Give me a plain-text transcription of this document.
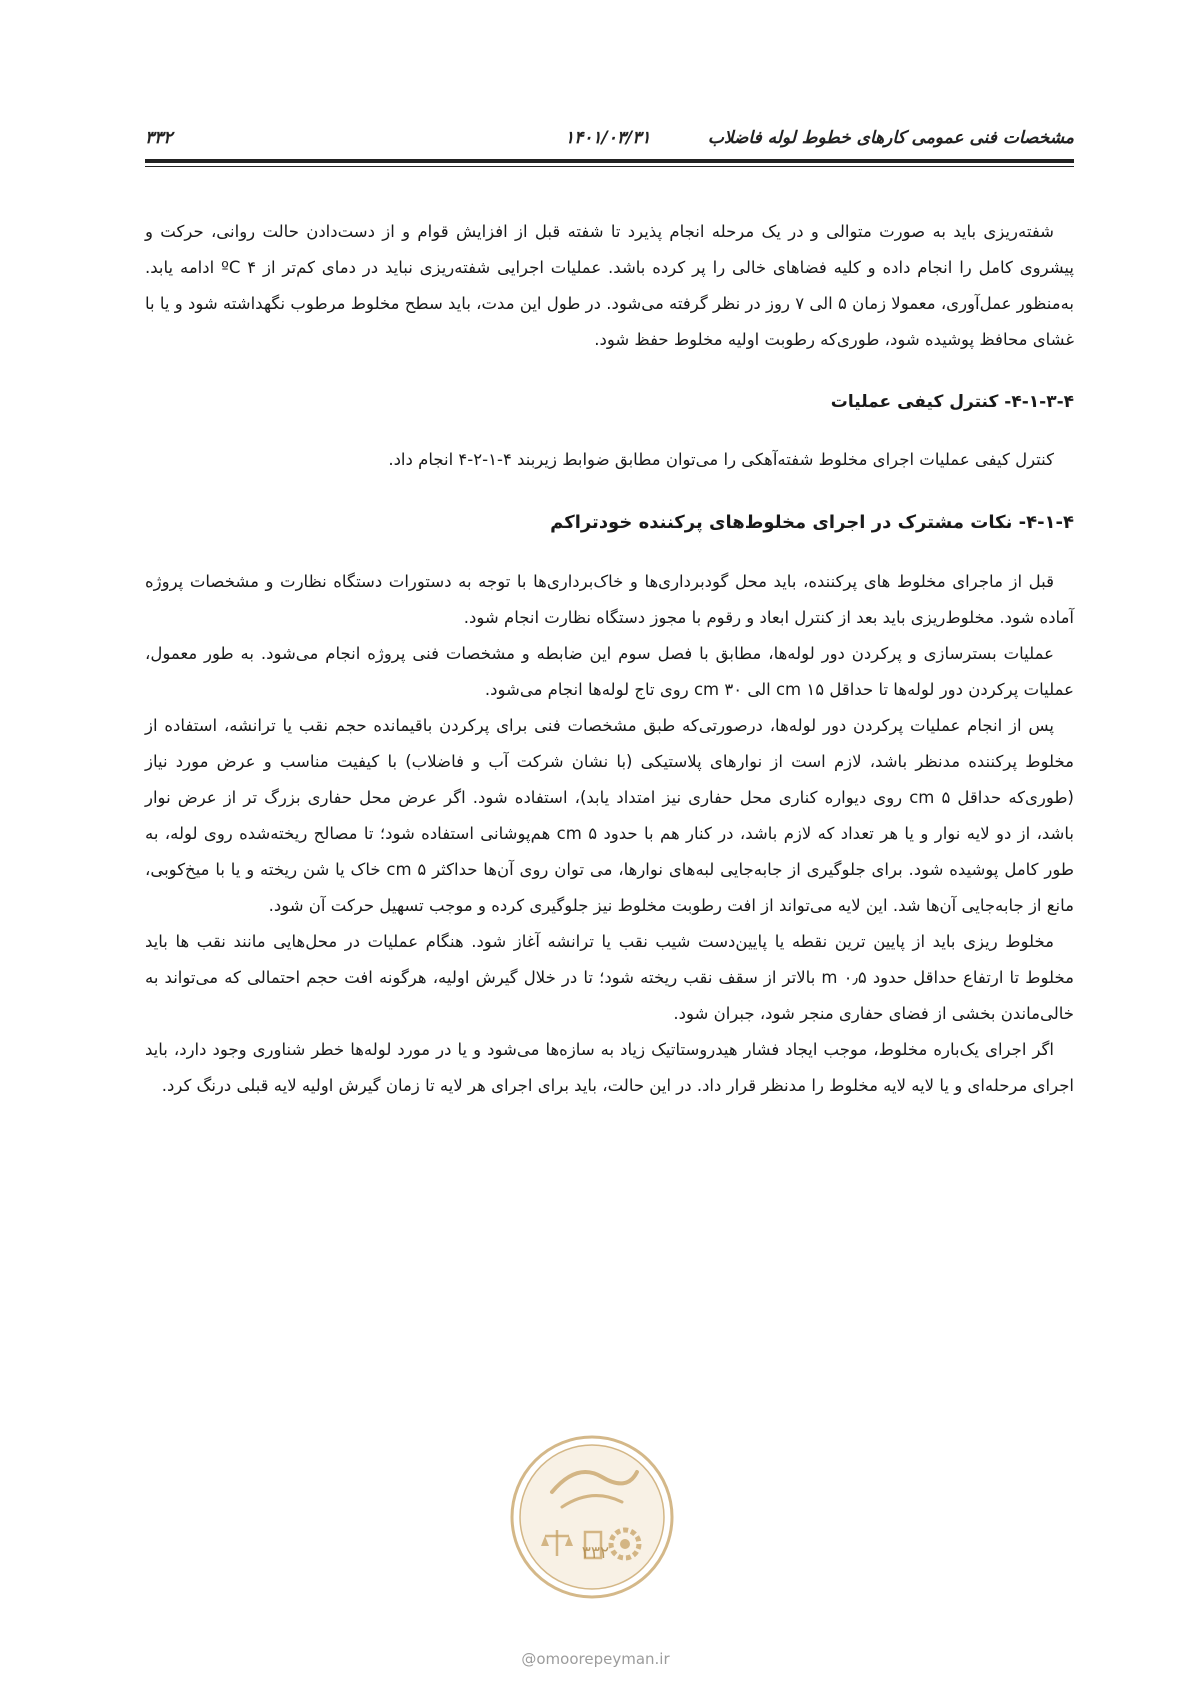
مشخصات فنی عمومی کارهای خطوط لوله فاضلاب
۱۴۰۱/۰۳/۳۱
۳۳۲

شفته‌ریزی باید به صورت متوالی و در یک مرحله انجام پذیرد تا شفته قبل از افزایش قوام و از دست‌دادن حالت روانی، حرکت و پیشروی کامل را انجام داده و کلیه فضاهای خالی را پر کرده باشد. عملیات اجرایی شفته‌ریزی نباید در دمای کم‌تر از ۴ ºC ادامه یابد. به‌منظور عمل‌آوری، معمولا زمان ۵ الی ۷ روز در نظر گرفته می‌شود. در طول این مدت، باید سطح مخلوط مرطوب نگهداشته شود و یا با غشای محافظ پوشیده شود، طوری‌که رطوبت اولیه مخلوط حفظ شود.

۴-۱-۳-۴- کنترل کیفی عملیات

کنترل کیفی عملیات اجرای مخلوط شفته‌آهکی را می‌توان مطابق ضوابط زیربند ۴-۱-۲-۴ انجام داد.

۴-۱-۴- نکات مشترک در اجرای مخلوط‌های پرکننده خودتراکم

قبل از ماجرای مخلوط های پرکننده، باید محل گودبرداری‌ها و خاک‌برداری‌ها با توجه به دستورات دستگاه نظارت و مشخصات پروژه آماده شود. مخلوط‌ریزی باید بعد از کنترل ابعاد و رقوم با مجوز دستگاه نظارت انجام شود.

عملیات بسترسازی و پرکردن دور لوله‌ها، مطابق با فصل سوم این ضابطه و مشخصات فنی پروژه انجام می‌شود. به طور معمول، عملیات پرکردن دور لوله‌ها تا حداقل ۱۵ cm الی ۳۰ cm روی تاج لوله‌ها انجام می‌شود.

پس از انجام عملیات پرکردن دور لوله‌ها، درصورتی‌که طبق مشخصات فنی برای پرکردن باقیمانده حجم نقب یا ترانشه، استفاده از مخلوط پرکننده مدنظر باشد، لازم است از نوارهای پلاستیکی (با نشان شرکت آب و فاضلاب) با کیفیت مناسب و عرض مورد نیاز (طوری‌که حداقل ۵ cm روی دیواره کناری محل حفاری نیز امتداد یابد)، استفاده شود. اگر عرض محل حفاری بزرگ تر از عرض نوار باشد، از دو لایه نوار و یا هر تعداد که لازم باشد، در کنار هم با حدود ۵ cm هم‌پوشانی استفاده شود؛ تا مصالح ریخته‌شده روی لوله، به طور کامل پوشیده شود. برای جلوگیری از جابه‌جایی لبه‌های نوارها، می توان روی آن‌ها حداکثر ۵ cm خاک یا شن ریخته و یا با میخ‌کوبی، مانع از جابه‌جایی آن‌ها شد. این لایه می‌تواند از افت رطوبت مخلوط نیز جلوگیری کرده و موجب تسهیل حرکت آن شود.

مخلوط ریزی باید از پایین ترین نقطه یا پایین‌دست شیب نقب یا ترانشه آغاز شود. هنگام عملیات در محل‌هایی مانند نقب ها باید مخلوط تا ارتفاع حداقل حدود ۰٫۵ m بالاتر از سقف نقب ریخته شود؛ تا در خلال گیرش اولیه، هرگونه افت حجم احتمالی که می‌تواند به خالی‌ماندن بخشی از فضای حفاری منجر شود، جبران شود.

اگر اجرای یک‌باره مخلوط، موجب ایجاد فشار هیدروستاتیک زیاد به سازه‌ها می‌شود و یا در مورد لوله‌ها خطر شناوری وجود دارد، باید اجرای مرحله‌ای و یا لایه لایه مخلوط را مدنظر قرار داد. در این حالت، باید برای اجرای هر لایه تا زمان گیرش اولیه لایه قبلی درنگ کرد.

۳۳۲
@omoorepeyman.ir
